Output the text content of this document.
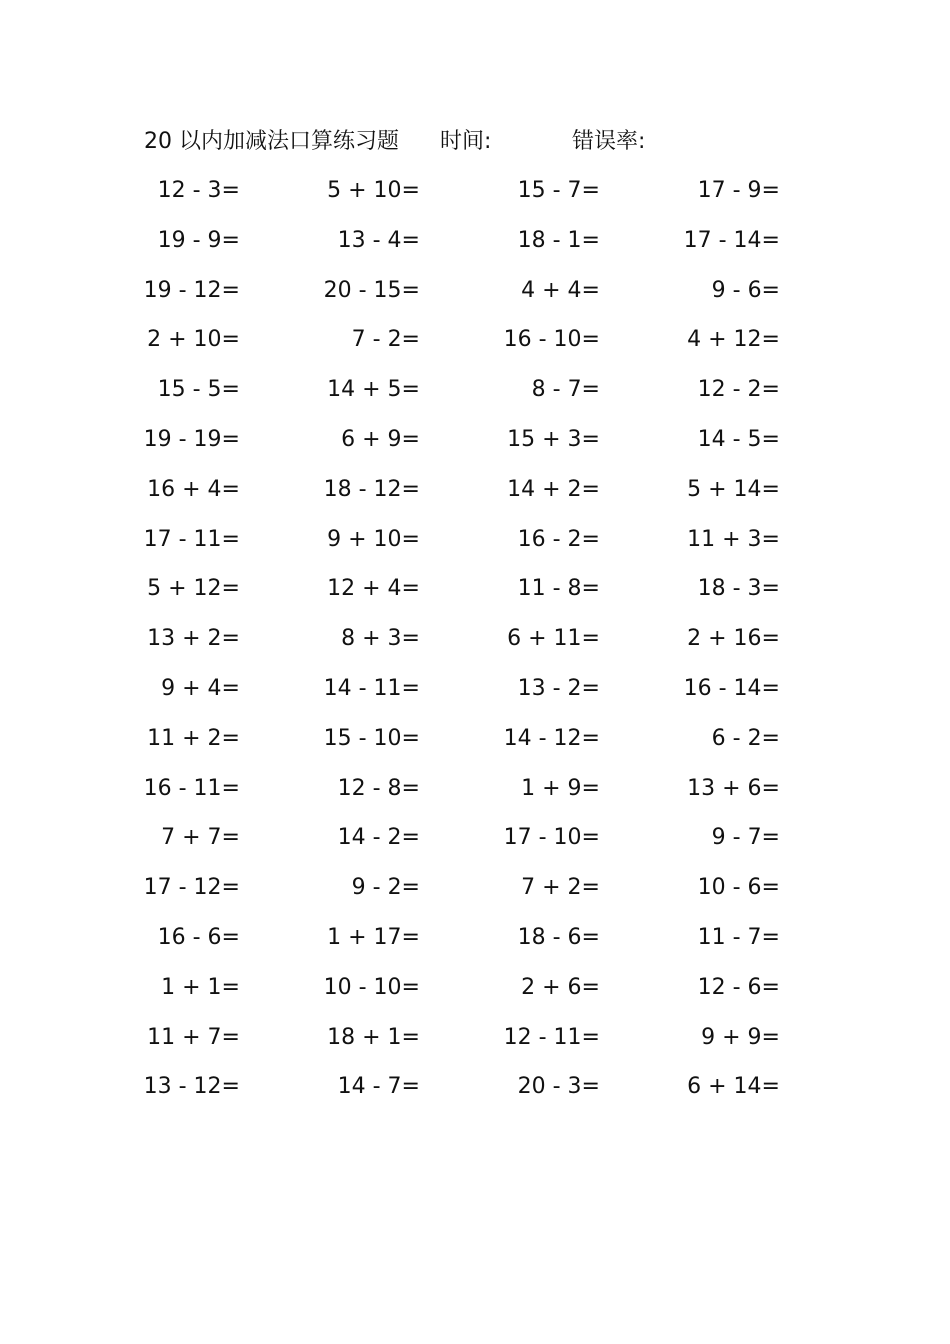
20 以内加减法口算练习题 时间:	错误率:
12 - 3=	5 + 10=	15 - 7=	17 - 9=
19 - 9=	13 - 4=	18 - 1=	17 - 14=
19 - 12=	20 - 15=	4 + 4=	9 - 6=
2 + 10=	7 - 2=	16 - 10=	4 + 12=
15 - 5=	14 + 5=	8 - 7=	12 - 2=
19 - 19=	6 + 9=	15 + 3=	14 - 5=
16 + 4=	18 - 12=	14 + 2=	5 + 14=
17 - 11=	9 + 10=	16 - 2=	11 + 3=
5 + 12=	12 + 4=	11 - 8=	18 - 3=
13 + 2=	8 + 3=	6 + 11=	2 + 16=
9 + 4=	14 - 11=	13 - 2=	16 - 14=
11 + 2=	15 - 10=	14 - 12=	6 - 2=
16 - 11=	12 - 8=	1 + 9=	13 + 6=
7 + 7=	14 - 2=	17 - 10=	9 - 7=
17 - 12=	9 - 2=	7 + 2=	10 - 6=
16 - 6=	1 + 17=	18 - 6=	11 - 7=
1 + 1=	10 - 10=	2 + 6=	12 - 6=
11 + 7=	18 + 1=	12 - 11=	9 + 9=
13 - 12=	14 - 7=	20 - 3=	6 + 14=
